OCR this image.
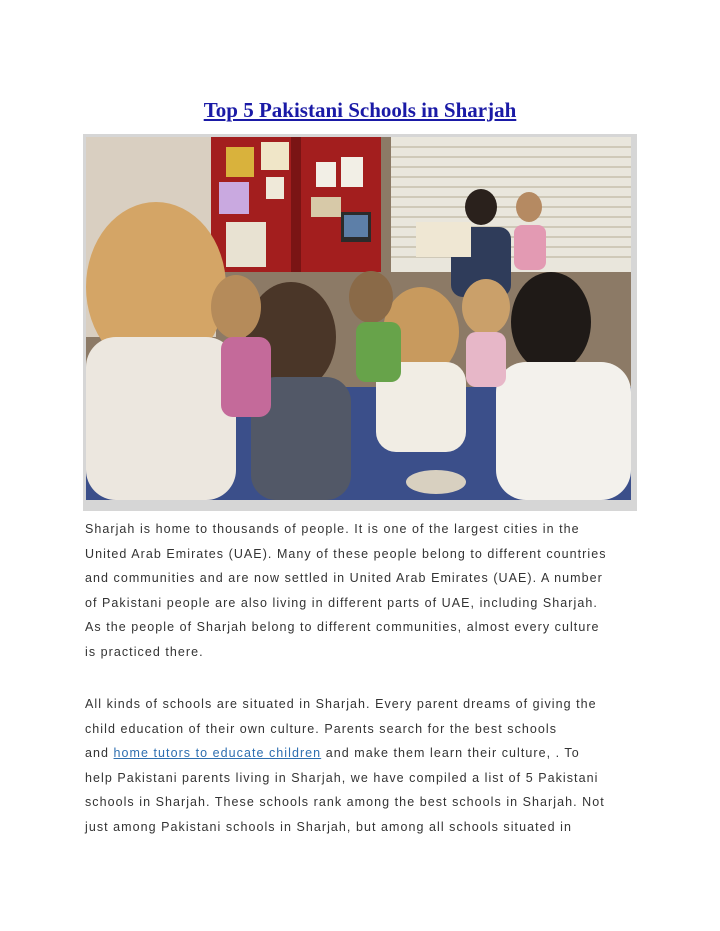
Top 5 Pakistani Schools in Sharjah
Sharjah is home to thousands of people. It is one of the largest cities in the
United Arab Emirates (UAE). Many of these people belong to different countries
and communities and are now settled in United Arab Emirates (UAE). A number
of Pakistani people are also living in different parts of UAE, including Sharjah.
As the people of Sharjah belong to different communities, almost every culture
is practiced there.
All kinds of schools are situated in Sharjah. Every parent dreams of giving the
child education of their own culture. Parents search for the best schools
and home tutors to educate children and make them learn their culture, . To
help Pakistani parents living in Sharjah, we have compiled a list of 5 Pakistani
schools in Sharjah. These schools rank among the best schools in Sharjah. Not
just among Pakistani schools in Sharjah, but among all schools situated in
